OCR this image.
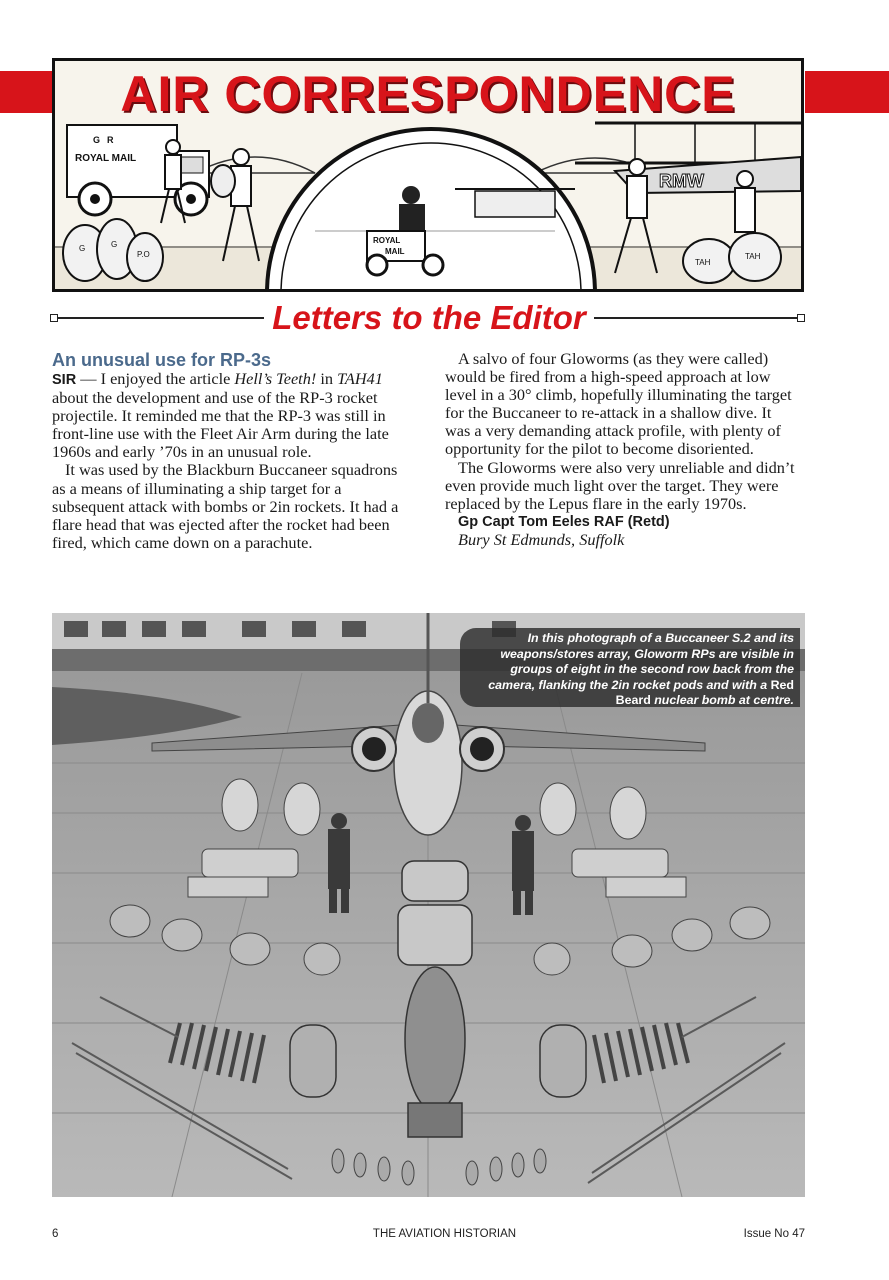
G R
ROYAL MAIL
G	G
P.O
ROYAL
MAIL
RMW
TAH
TAH
AIR CORRESPONDENCE
Letters to the Editor
An unusual use for RP-3s

SIR — I enjoyed the article Hell’s Teeth! in TAH41 about the development and use of the RP-3 rocket projectile. It reminded me that the RP-3 was still in front-line use with the Fleet Air Arm during the late 1960s and early ’70s in an unusual role.

It was used by the Blackburn Buccaneer squadrons as a means of illuminating a ship target for a subsequent attack with bombs or 2in rockets. It had a flare head that was ejected after the rocket had been fired, which came down on a parachute.

A salvo of four Gloworms (as they were called) would be fired from a high-speed approach at low level in a 30° climb, hopefully illuminating the target for the Buccaneer to re-attack in a shallow dive. It was a very demanding attack profile, with plenty of opportunity for the pilot to become disoriented.

The Gloworms were also very unreliable and didn’t even provide much light over the target. They were replaced by the Lepus flare in the early 1970s.

Gp Capt Tom Eeles RAF (Retd)
Bury St Edmunds, Suffolk
In this photograph of a Buccaneer S.2 and its weapons/stores array, Gloworm RPs are visible in groups of eight in the second row back from the camera, flanking the 2in rocket pods and with a Red Beard nuclear bomb at centre.
6	THE AVIATION HISTORIAN	Issue No 47
